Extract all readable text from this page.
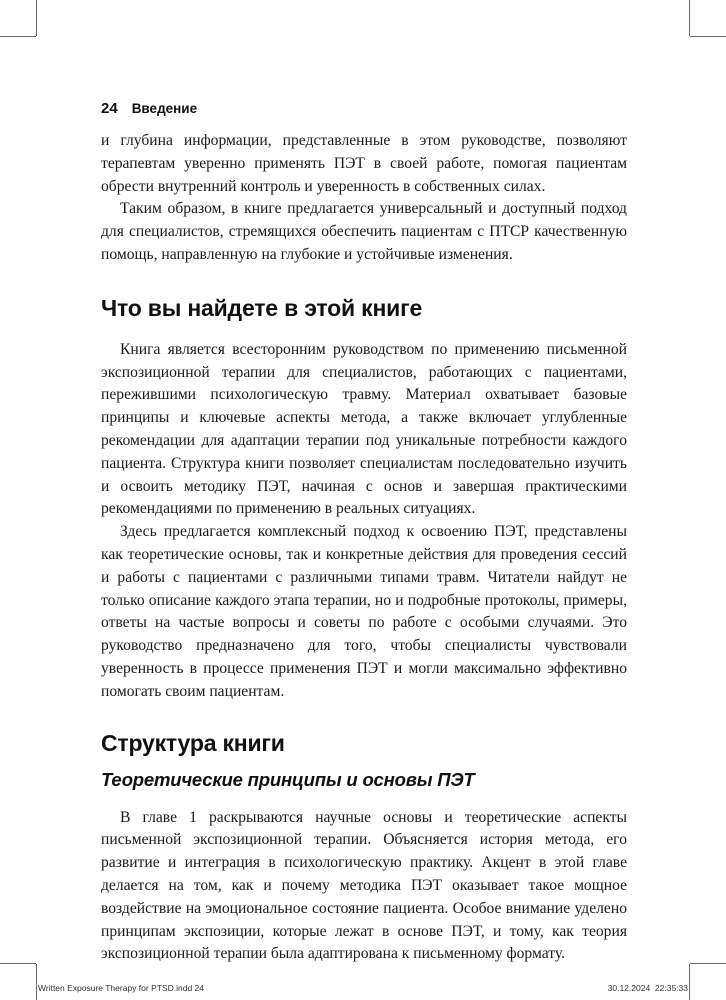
24 Введение

и глубина информации, представленные в этом руководстве, позволяют терапевтам уверенно применять ПЭТ в своей работе, помогая пациентам обрести внутренний контроль и уверенность в собственных силах.

Таким образом, в книге предлагается универсальный и доступный подход для специалистов, стремящихся обеспечить пациентам с ПТСР качественную помощь, направленную на глубокие и устойчивые изменения.

Что вы найдете в этой книге

Книга является всесторонним руководством по применению письменной экспозиционной терапии для специалистов, работающих с пациентами, пережившими психологическую травму. Материал охватывает базовые принципы и ключевые аспекты метода, а также включает углубленные рекомендации для адаптации терапии под уникальные потребности каждого пациента. Структура книги позволяет специалистам последовательно изучить и освоить методику ПЭТ, начиная с основ и завершая практическими рекомендациями по применению в реальных ситуациях.

Здесь предлагается комплексный подход к освоению ПЭТ, представлены как теоретические основы, так и конкретные действия для проведения сессий и работы с пациентами с различными типами травм. Читатели найдут не только описание каждого этапа терапии, но и подробные протоколы, примеры, ответы на частые вопросы и советы по работе с особыми случаями. Это руководство предназначено для того, чтобы специалисты чувствовали уверенность в процессе применения ПЭТ и могли максимально эффективно помогать своим пациентам.

Структура книги
Теоретические принципы и основы ПЭТ

В главе 1 раскрываются научные основы и теоретические аспекты письменной экспозиционной терапии. Объясняется история метода, его развитие и интеграция в психологическую практику. Акцент в этой главе делается на том, как и почему методика ПЭТ оказывает такое мощное воздействие на эмоциональное состояние пациента. Особое внимание уделено принципам экспозиции, которые лежат в основе ПЭТ, и тому, как теория экспозиционной терапии была адаптирована к письменному формату.

Written Exposure Therapy for PTSD.indd 24	30.12.2024 22:35:33
